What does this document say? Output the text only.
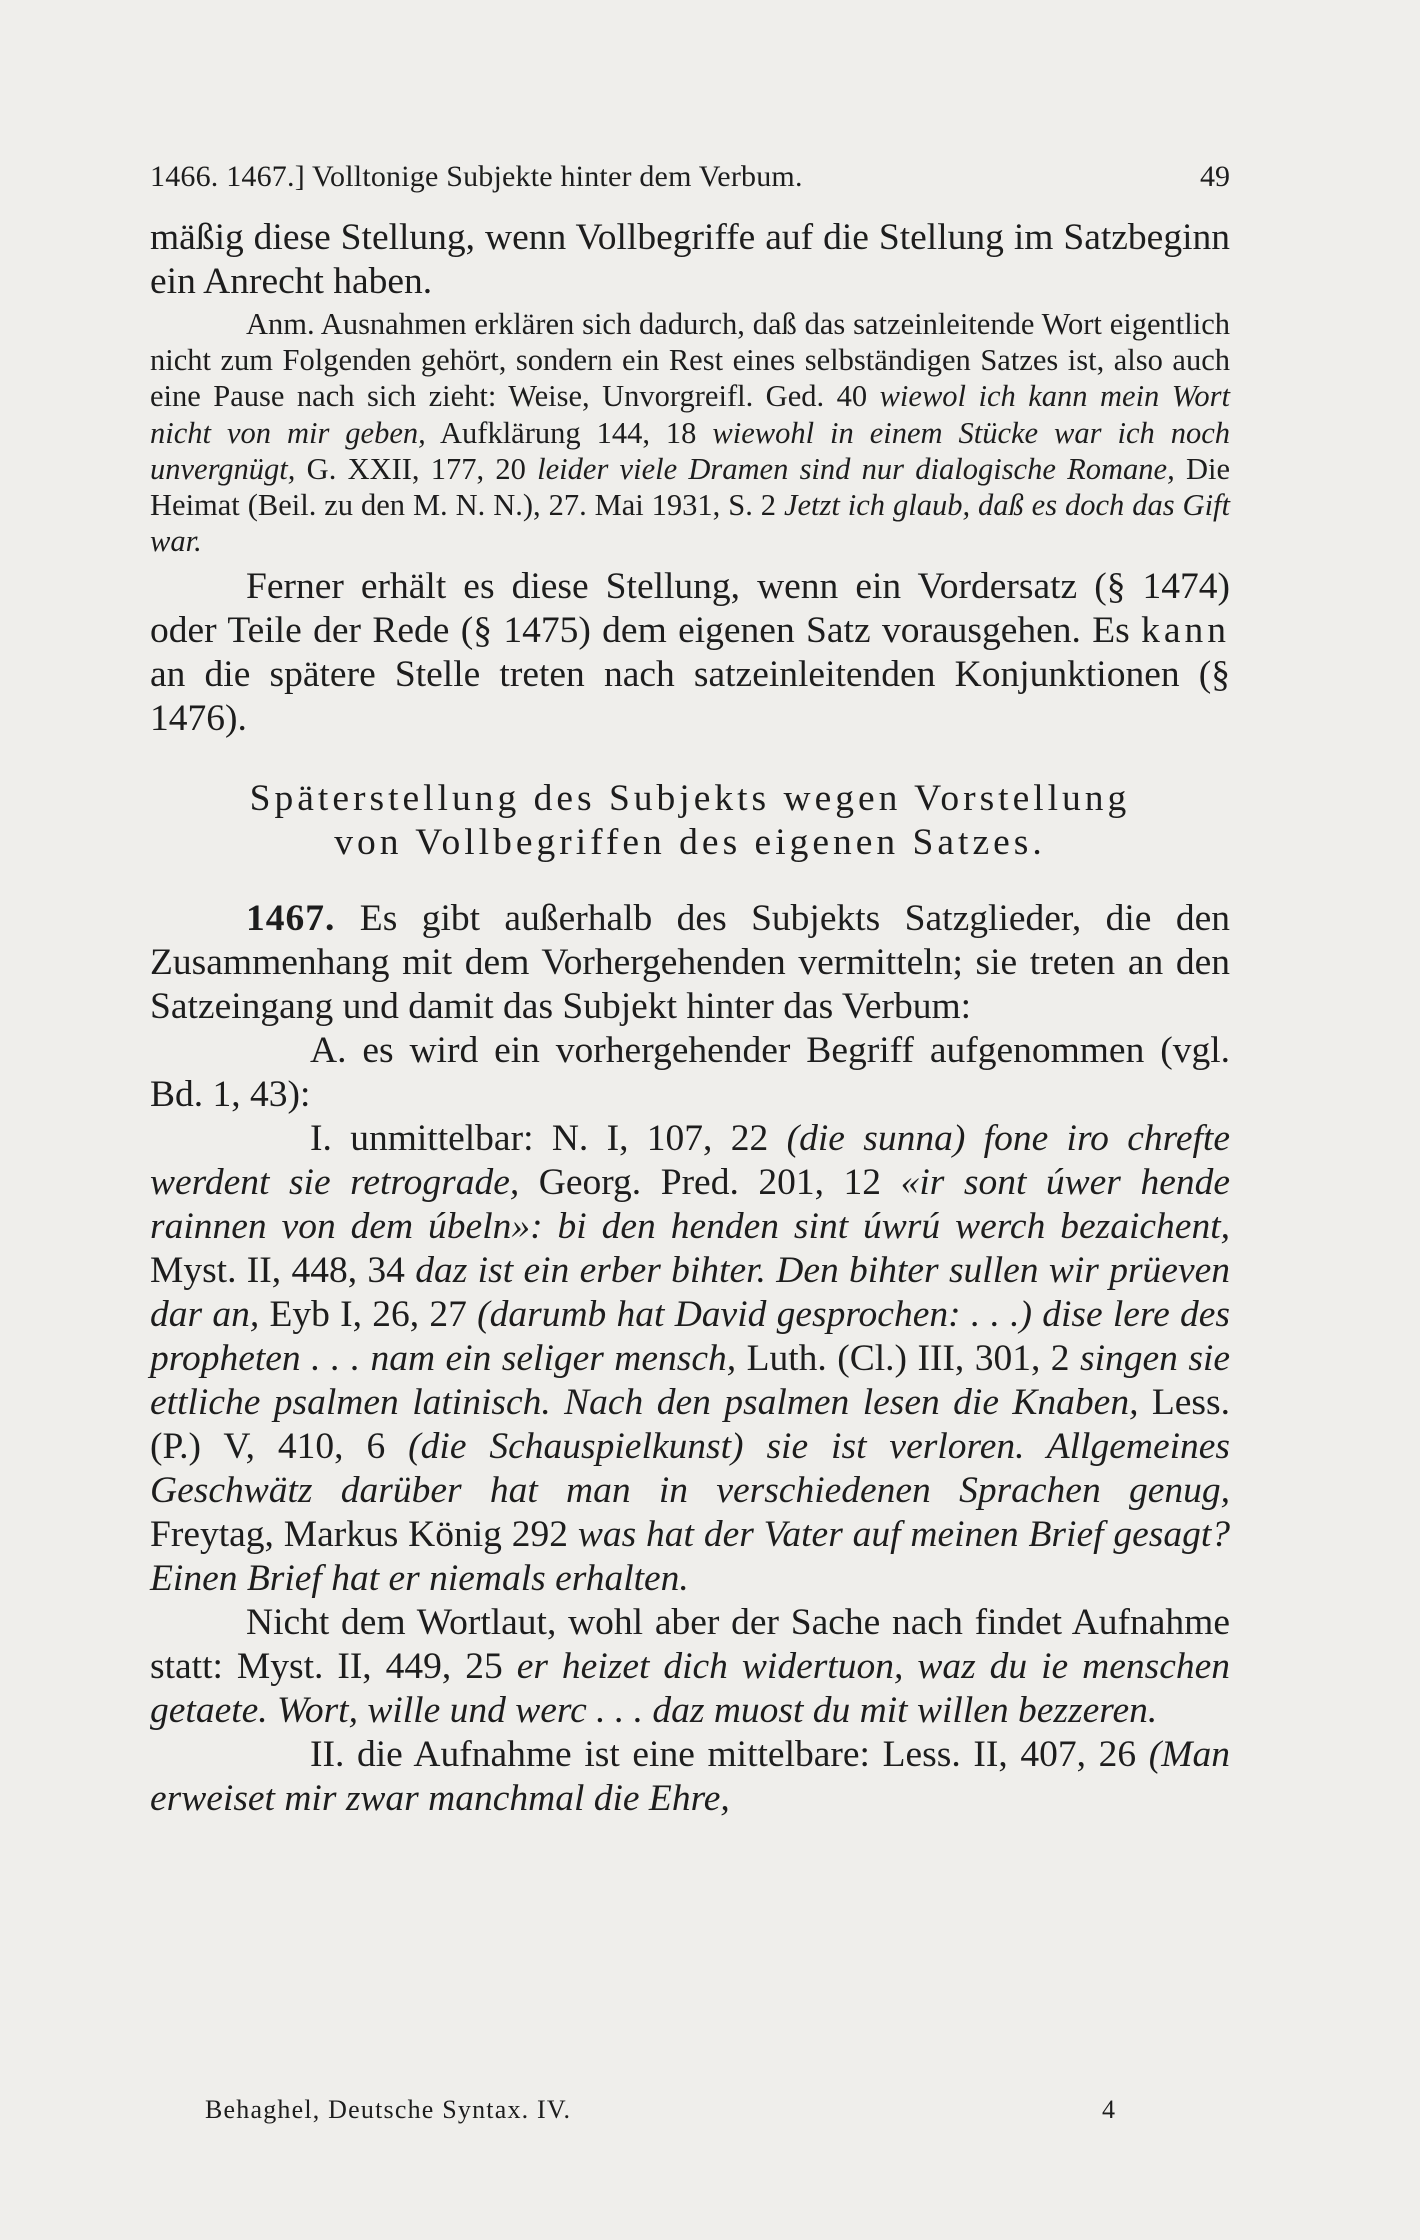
1466. 1467.] Volltonige Subjekte hinter dem Verbum.	49

mäßig diese Stellung, wenn Vollbegriffe auf die Stellung im Satzbeginn ein Anrecht haben.

Anm. Ausnahmen erklären sich dadurch, daß das satzeinleitende Wort eigentlich nicht zum Folgenden gehört, sondern ein Rest eines selbständigen Satzes ist, also auch eine Pause nach sich zieht: Weise, Unvorgreifl. Ged. 40 wiewol ich kann mein Wort nicht von mir geben, Aufklärung 144, 18 wiewohl in einem Stücke war ich noch unvergnügt, G. XXII, 177, 20 leider viele Dramen sind nur dialogische Romane, Die Heimat (Beil. zu den M. N. N.), 27. Mai 1931, S. 2 Jetzt ich glaub, daß es doch das Gift war.

Ferner erhält es diese Stellung, wenn ein Vordersatz (§ 1474) oder Teile der Rede (§ 1475) dem eigenen Satz vorausgehen. Es kann an die spätere Stelle treten nach satzeinleitenden Konjunktionen (§ 1476).

Späterstellung des Subjekts wegen Vorstellung
von Vollbegriffen des eigenen Satzes.

1467. Es gibt außerhalb des Subjekts Satzglieder, die den Zusammenhang mit dem Vorhergehenden vermitteln; sie treten an den Satzeingang und damit das Subjekt hinter das Verbum:

A. es wird ein vorhergehender Begriff aufgenommen (vgl. Bd. 1, 43):

I. unmittelbar: N. I, 107, 22 (die sunna) fone iro chrefte werdent sie retrograde, Georg. Pred. 201, 12 «ir sont úwer hende rainnen von dem úbeln»: bi den henden sint úwrú werch bezaichent, Myst. II, 448, 34 daz ist ein erber bihter. Den bihter sullen wir prüeven dar an, Eyb I, 26, 27 (darumb hat David gesprochen: . . .) dise lere des propheten . . . nam ein seliger mensch, Luth. (Cl.) III, 301, 2 singen sie ettliche psalmen latinisch. Nach den psalmen lesen die Knaben, Less. (P.) V, 410, 6 (die Schauspielkunst) sie ist verloren. Allgemeines Geschwätz darüber hat man in verschiedenen Sprachen genug, Freytag, Markus König 292 was hat der Vater auf meinen Brief gesagt? Einen Brief hat er niemals erhalten.

Nicht dem Wortlaut, wohl aber der Sache nach findet Aufnahme statt: Myst. II, 449, 25 er heizet dich widertuon, waz du ie menschen getaete. Wort, wille und werc . . . daz muost du mit willen bezzeren.

II. die Aufnahme ist eine mittelbare: Less. II, 407, 26 (Man erweiset mir zwar manchmal die Ehre,

Behaghel, Deutsche Syntax. IV.	4
